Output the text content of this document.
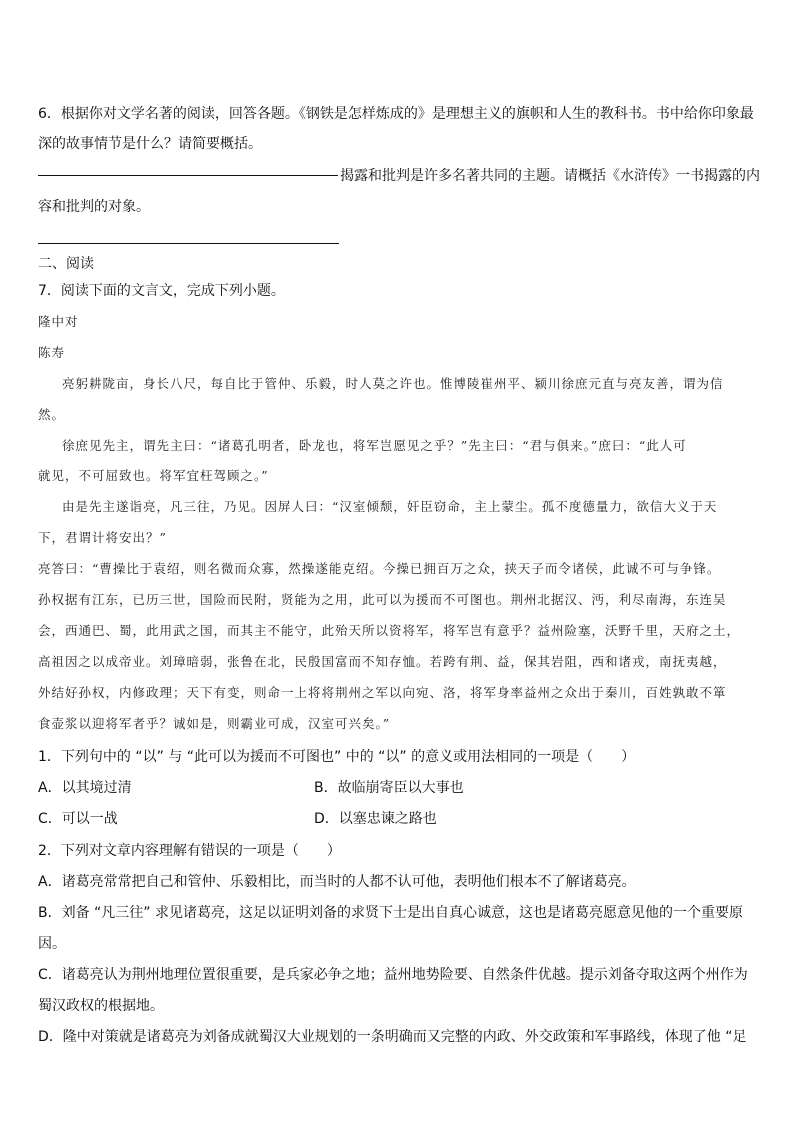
6．根据你对文学名著的阅读，回答各题。《钢铁是怎样炼成的》是理想主义的旗帜和人生的教科书。书中给你印象最
深的故事情节是什么？请简要概括。
揭露和批判是许多名著共同的主题。请概括《水浒传》一书揭露的内
容和批判的对象。
二、阅读
7．阅读下面的文言文，完成下列小题。
隆中对
陈寿
亮躬耕陇亩，身长八尺，每自比于管仲、乐毅，时人莫之许也。惟博陵崔州平、颍川徐庶元直与亮友善，谓为信
然。
徐庶见先主，谓先主曰：“诸葛孔明者，卧龙也，将军岂愿见之乎？”先主曰：“君与俱来。”庶曰：“此人可
就见，不可屈致也。将军宜枉驾顾之。”
由是先主遂诣亮，凡三往，乃见。因屏人曰：“汉室倾颓，奸臣窃命，主上蒙尘。孤不度德量力，欲信大义于天
下，君谓计将安出？”
亮答曰：“曹操比于袁绍，则名微而众寡，然操遂能克绍。今操已拥百万之众，挟天子而令诸侯，此诚不可与争锋。
孙权据有江东，已历三世，国险而民附，贤能为之用，此可以为援而不可图也。荆州北据汉、沔，利尽南海，东连吴
会，西通巴、蜀，此用武之国，而其主不能守，此殆天所以资将军，将军岂有意乎？益州险塞，沃野千里，天府之土，
高祖因之以成帝业。刘璋暗弱，张鲁在北，民殷国富而不知存恤。若跨有荆、益，保其岩阻，西和诸戎，南抚夷越，
外结好孙权，内修政理；天下有变，则命一上将将荆州之军以向宛、洛，将军身率益州之众出于秦川，百姓孰敢不箪
食壶浆以迎将军者乎？诚如是，则霸业可成，汉室可兴矣。”
1．下列句中的 “以” 与 “此可以为援而不可图也” 中的 “以” 的意义或用法相同的一项是（　　）
A．以其境过清	B．故临崩寄臣以大事也
C．可以一战	D．以塞忠谏之路也
2．下列对文章内容理解有错误的一项是（　　）
A．诸葛亮常常把自己和管仲、乐毅相比，而当时的人都不认可他，表明他们根本不了解诸葛亮。
B．刘备 “凡三往” 求见诸葛亮，这足以证明刘备的求贤下士是出自真心诚意，这也是诸葛亮愿意见他的一个重要原
因。
C．诸葛亮认为荆州地理位置很重要，是兵家必争之地；益州地势险要、自然条件优越。提示刘备夺取这两个州作为
蜀汉政权的根据地。
D．隆中对策就是诸葛亮为刘备成就蜀汉大业规划的一条明确而又完整的内政、外交政策和军事路线，体现了他 “足
